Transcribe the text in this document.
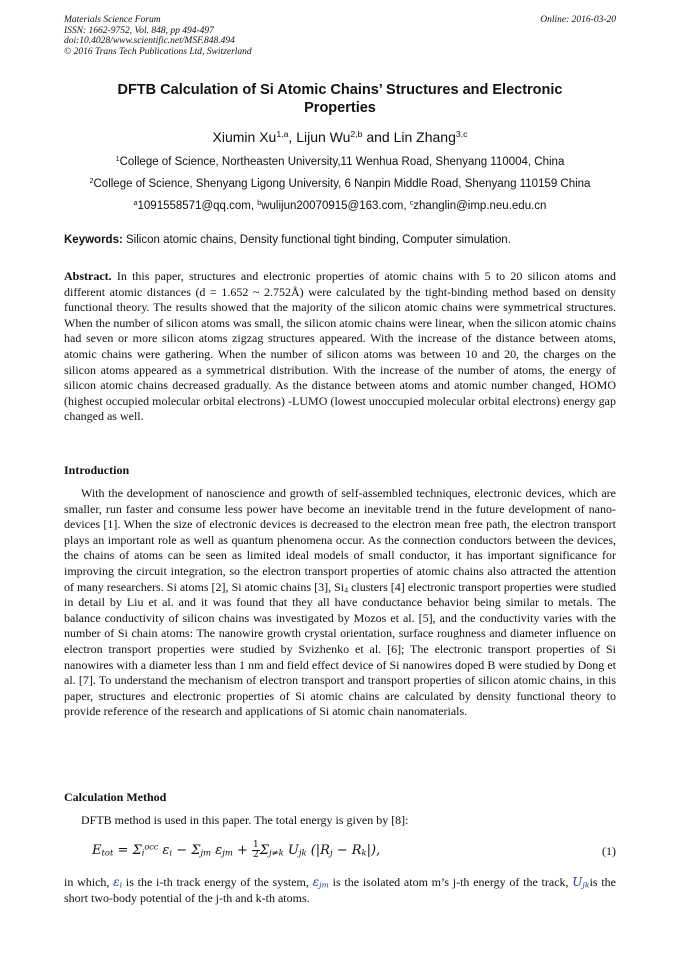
Materials Science Forum
ISSN: 1662-9752, Vol. 848, pp 494-497
doi:10.4028/www.scientific.net/MSF.848.494
© 2016 Trans Tech Publications Ltd, Switzerland
Online: 2016-03-20
DFTB Calculation of Si Atomic Chains’ Structures and Electronic
Properties
Xiumin Xu$^{1,a}$, Lijun Wu$^{2,b}$ and Lin Zhang$^{3,c}$
$^1$College of Science, Northeasten University,11 Wenhua Road, Shenyang 110004, China
$^2$College of Science, Shenyang Ligong University, 6 Nanpin Middle Road, Shenyang 110159 China
$^a$1091558571@qq.com, $^b$wulijun20070915@163.com, $^c$zhanglin@imp.neu.edu.cn
Keywords: Silicon atomic chains, Density functional tight binding, Computer simulation.
Abstract. In this paper, structures and electronic properties of atomic chains with 5 to 20 silicon atoms and different atomic distances (d = 1.652 ~ 2.752Å) were calculated by the tight-binding method based on density functional theory. The results showed that the majority of the silicon atomic chains were symmetrical structures. When the number of silicon atoms was small, the silicon atomic chains were linear, when the silicon atomic chains had seven or more silicon atoms zigzag structures appeared. With the increase of the distance between atoms, atomic chains were gathering. When the number of silicon atoms was between 10 and 20, the charges on the silicon atoms appeared as a symmetrical distribution. With the increase of the number of atoms, the energy of silicon atomic chains decreased gradually. As the distance between atoms and atomic number changed, HOMO (highest occupied molecular orbital electrons) -LUMO (lowest unoccupied molecular orbital electrons) energy gap changed as well.
Introduction
With the development of nanoscience and growth of self-assembled techniques, electronic devices, which are smaller, run faster and consume less power have become an inevitable trend in the future development of nano-devices [1]. When the size of electronic devices is decreased to the electron mean free path, the electron transport plays an important role as well as quantum phenomena occur. As the connection conductors between the devices, the chains of atoms can be seen as limited ideal models of small conductor, it has important significance for improving the circuit integration, so the electron transport properties of atomic chains also attracted the attention of many researchers. Si atoms [2], Si atomic chains [3], $Si_4$ clusters [4] electronic transport properties were studied in detail by Liu et al. and it was found that they all have conductance behavior being similar to metals. The balance conductivity of silicon chains was investigated by Mozos et al. [5], and the conductivity varies with the number of Si chain atoms: The nanowire growth crystal orientation, surface roughness and diameter influence on electron transport properties were studied by Svizhenko et al. [6]; The electronic transport properties of Si nanowires with a diameter less than 1 nm and field effect device of Si nanowires doped B were studied by Dong et al. [7]. To understand the mechanism of electron transport and transport properties of silicon atomic chains, in this paper, structures and electronic properties of Si atomic chains are calculated by density functional theory to provide reference of the research and applications of Si atomic chain nanomaterials.
Calculation Method
DFTB method is used in this paper. The total energy is given by [8]:
$E_{tot} = \Sigma_i^{occ}$ $\varepsilon_i - \Sigma_{jm}$ $\varepsilon_{jm} + \frac{1}{2} \Sigma_{j\ne k}$ $U_{jk}$ $(|R_j - R_k|)$,	(1)
in which, $\varepsilon_i$ is the i-th track energy of the system, $\varepsilon_{jm}$ is the isolated atom m’s j-th energy of the track, $U_{jk}is$ the short two-body potential of the j-th and k-th atoms.
